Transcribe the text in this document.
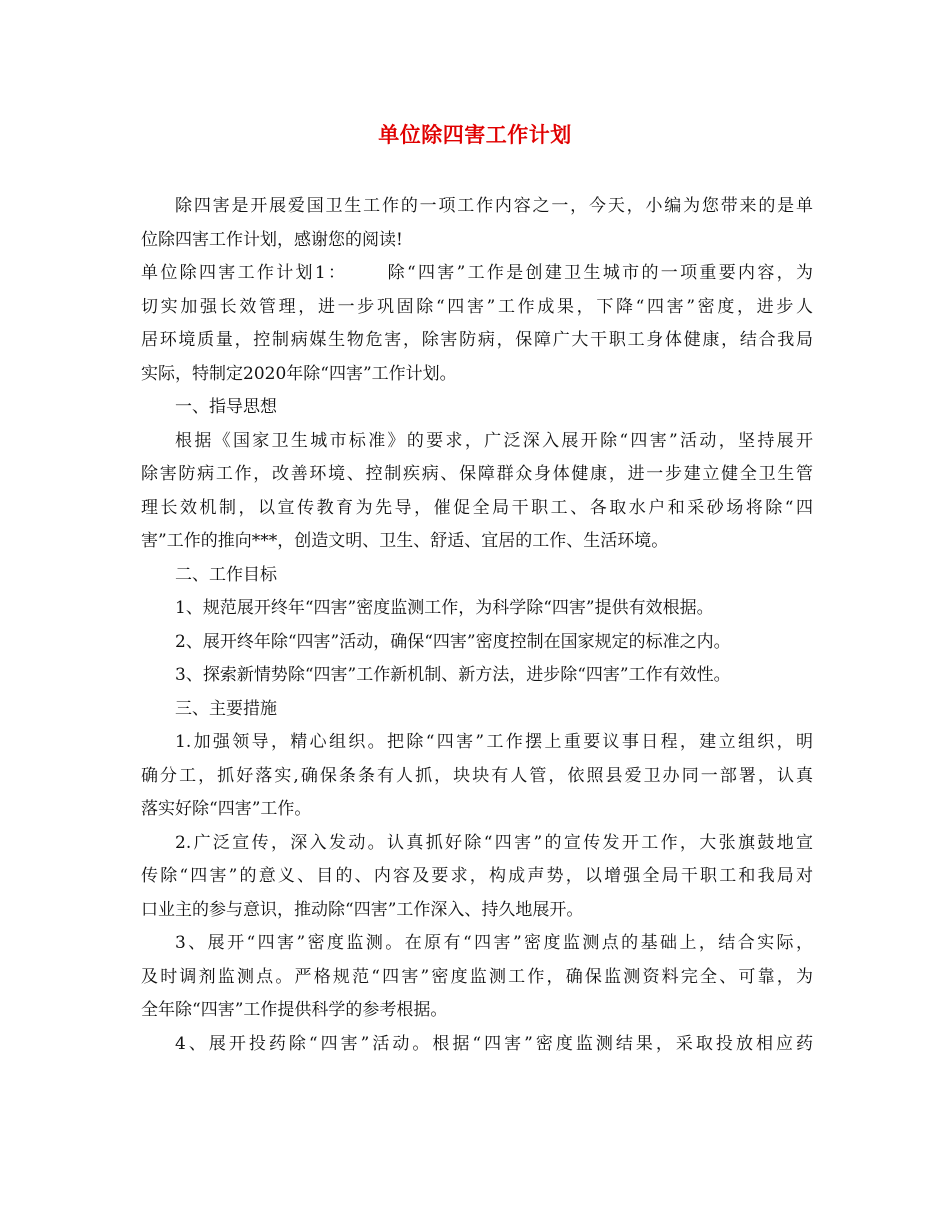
单位除四害工作计划
除四害是开展爱国卫生工作的一项工作内容之一，今天，小编为您带来的是单
位除四害工作计划，感谢您的阅读!
单位除四害工作计划1： 除“四害”工作是创建卫生城市的一项重要内容，为
切实加强长效管理，进一步巩固除“四害”工作成果，下降“四害”密度，进步人
居环境质量，控制病媒生物危害，除害防病，保障广大干职工身体健康，结合我局
实际，特制定2020年除“四害”工作计划。
一、指导思想
根据《国家卫生城市标准》的要求，广泛深入展开除“四害”活动，坚持展开
除害防病工作，改善环境、控制疾病、保障群众身体健康，进一步建立健全卫生管
理长效机制，以宣传教育为先导，催促全局干职工、各取水户和采砂场将除“四
害”工作的推向***，创造文明、卫生、舒适、宜居的工作、生活环境。
二、工作目标
1、规范展开终年“四害”密度监测工作，为科学除“四害”提供有效根据。
2、展开终年除“四害”活动，确保“四害”密度控制在国家规定的标准之内。
3、探索新情势除“四害”工作新机制、新方法，进步除“四害”工作有效性。
三、主要措施
1.加强领导，精心组织。把除“四害”工作摆上重要议事日程，建立组织，明
确分工，抓好落实,确保条条有人抓，块块有人管，依照县爱卫办同一部署，认真
落实好除“四害”工作。
2.广泛宣传，深入发动。认真抓好除“四害”的宣传发开工作，大张旗鼓地宣
传除“四害”的意义、目的、内容及要求，构成声势，以增强全局干职工和我局对
口业主的参与意识，推动除“四害”工作深入、持久地展开。
3、展开“四害”密度监测。在原有“四害”密度监测点的基础上，结合实际，
及时调剂监测点。严格规范“四害”密度监测工作，确保监测资料完全、可靠，为
全年除“四害”工作提供科学的参考根据。
4、展开投药除“四害”活动。根据“四害”密度监测结果，采取投放相应药
